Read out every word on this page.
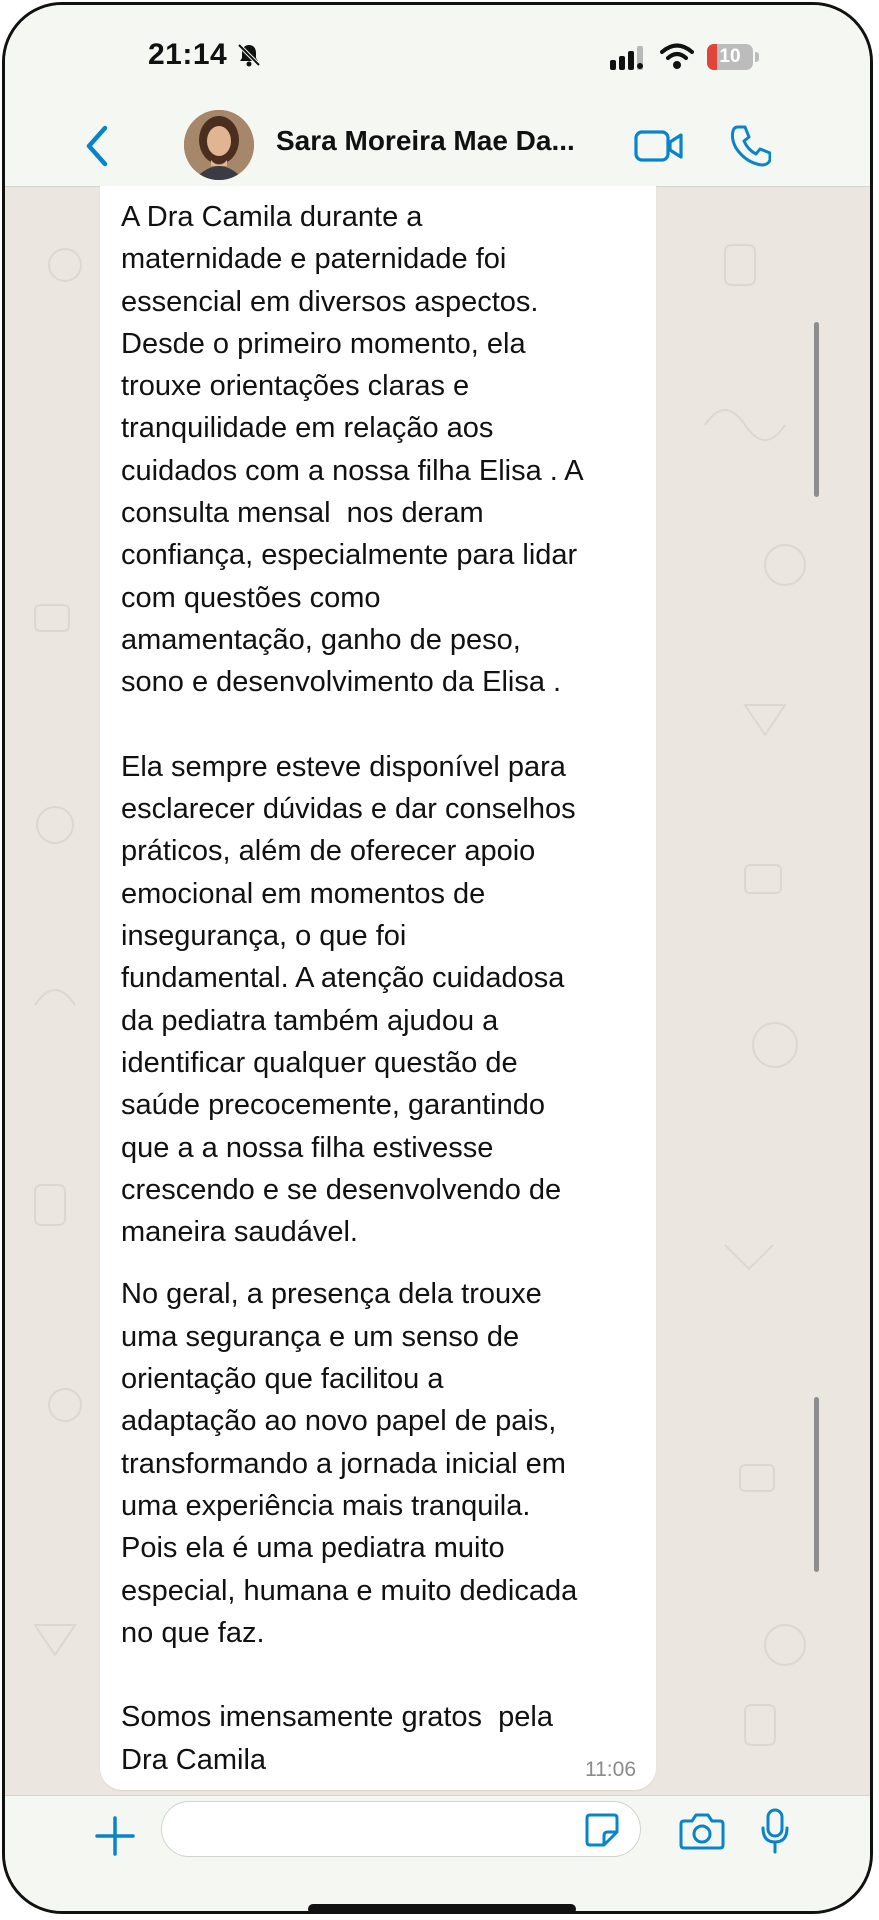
21:14	10
Sara Moreira Mae Da...

A Dra Camila durante a
maternidade e paternidade foi
essencial em diversos aspectos.
Desde o primeiro momento, ela
trouxe orientações claras e
tranquilidade em relação aos
cuidados com a nossa filha Elisa . A
consulta mensal  nos deram
confiança, especialmente para lidar
com questões como
amamentação, ganho de peso,
sono e desenvolvimento da Elisa .

Ela sempre esteve disponível para
esclarecer dúvidas e dar conselhos
práticos, além de oferecer apoio
emocional em momentos de
insegurança, o que foi
fundamental. A atenção cuidadosa
da pediatra também ajudou a
identificar qualquer questão de
saúde precocemente, garantindo
que a a nossa filha estivesse
crescendo e se desenvolvendo de
maneira saudável.

No geral, a presença dela trouxe
uma segurança e um senso de
orientação que facilitou a
adaptação ao novo papel de pais,
transformando a jornada inicial em
uma experiência mais tranquila.
Pois ela é uma pediatra muito
especial, humana e muito dedicada
no que faz.

Somos imensamente gratos  pela
Dra Camila	11:06
